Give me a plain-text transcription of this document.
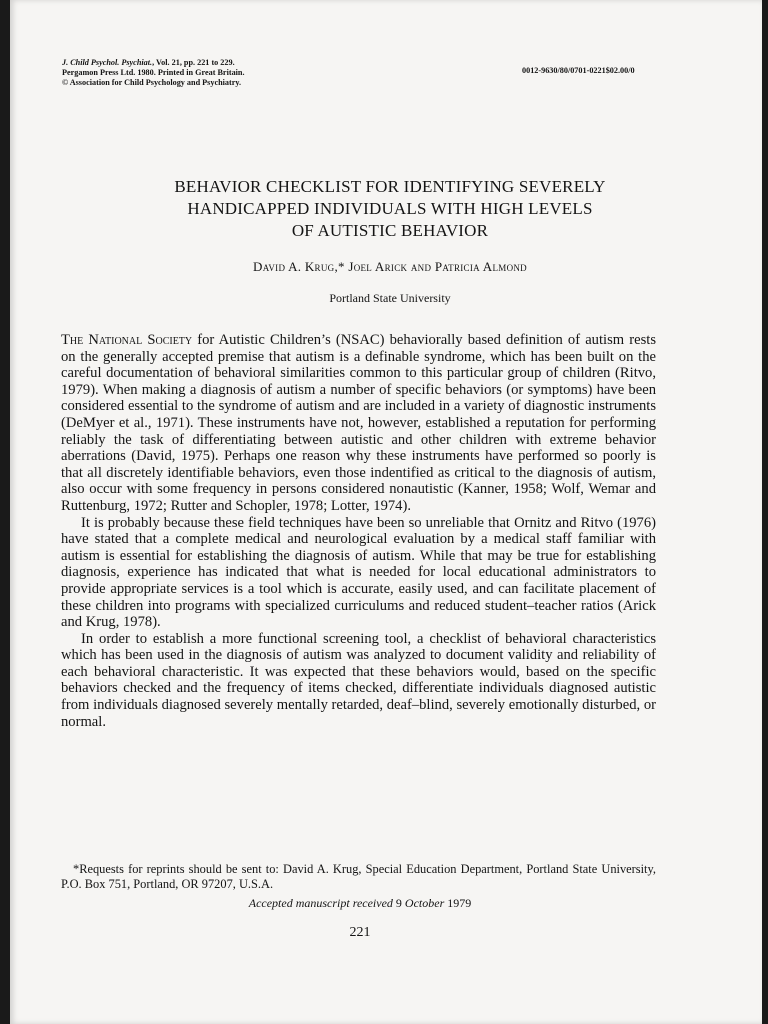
J. Child Psychol. Psychiat., Vol. 21, pp. 221 to 229.
Pergamon Press Ltd. 1980. Printed in Great Britain.
© Association for Child Psychology and Psychiatry.
0012-9630/80/0701-0221$02.00/0
BEHAVIOR CHECKLIST FOR IDENTIFYING SEVERELY
HANDICAPPED INDIVIDUALS WITH HIGH LEVELS
OF AUTISTIC BEHAVIOR
David A. Krug,* Joel Arick and Patricia Almond
Portland State University

The National Society for Autistic Children’s (NSAC) behaviorally based definition of autism rests on the generally accepted premise that autism is a definable syndrome, which has been built on the careful documentation of behavioral similarities common to this particular group of children (Ritvo, 1979). When making a diagnosis of autism a number of specific behaviors (or symptoms) have been considered essential to the syndrome of autism and are included in a variety of diagnostic instruments (DeMyer et al., 1971). These instruments have not, however, established a reputation for performing reliably the task of differentiating between autistic and other children with extreme behavior aberrations (David, 1975). Perhaps one reason why these instruments have performed so poorly is that all discretely identifiable behaviors, even those indentified as critical to the diagnosis of autism, also occur with some frequency in persons considered nonautistic (Kanner, 1958; Wolf, Wemar and Ruttenburg, 1972; Rutter and Schopler, 1978; Lotter, 1974).

It is probably because these field techniques have been so unreliable that Ornitz and Ritvo (1976) have stated that a complete medical and neurological evaluation by a medical staff familiar with autism is essential for establishing the diagnosis of autism. While that may be true for establishing diagnosis, experience has indicated that what is needed for local educational administrators to provide appropriate services is a tool which is accurate, easily used, and can facilitate placement of these children into programs with specialized curriculums and reduced student–teacher ratios (Arick and Krug, 1978).

In order to establish a more functional screening tool, a checklist of behavioral characteristics which has been used in the diagnosis of autism was analyzed to document validity and reliability of each behavioral characteristic. It was expected that these behaviors would, based on the specific behaviors checked and the frequency of items checked, differentiate individuals diagnosed autistic from individuals diagnosed severely mentally retarded, deaf–blind, severely emotionally disturbed, or normal.

*Requests for reprints should be sent to: David A. Krug, Special Education Department, Portland State University, P.O. Box 751, Portland, OR 97207, U.S.A.
Accepted manuscript received 9 October 1979
221
